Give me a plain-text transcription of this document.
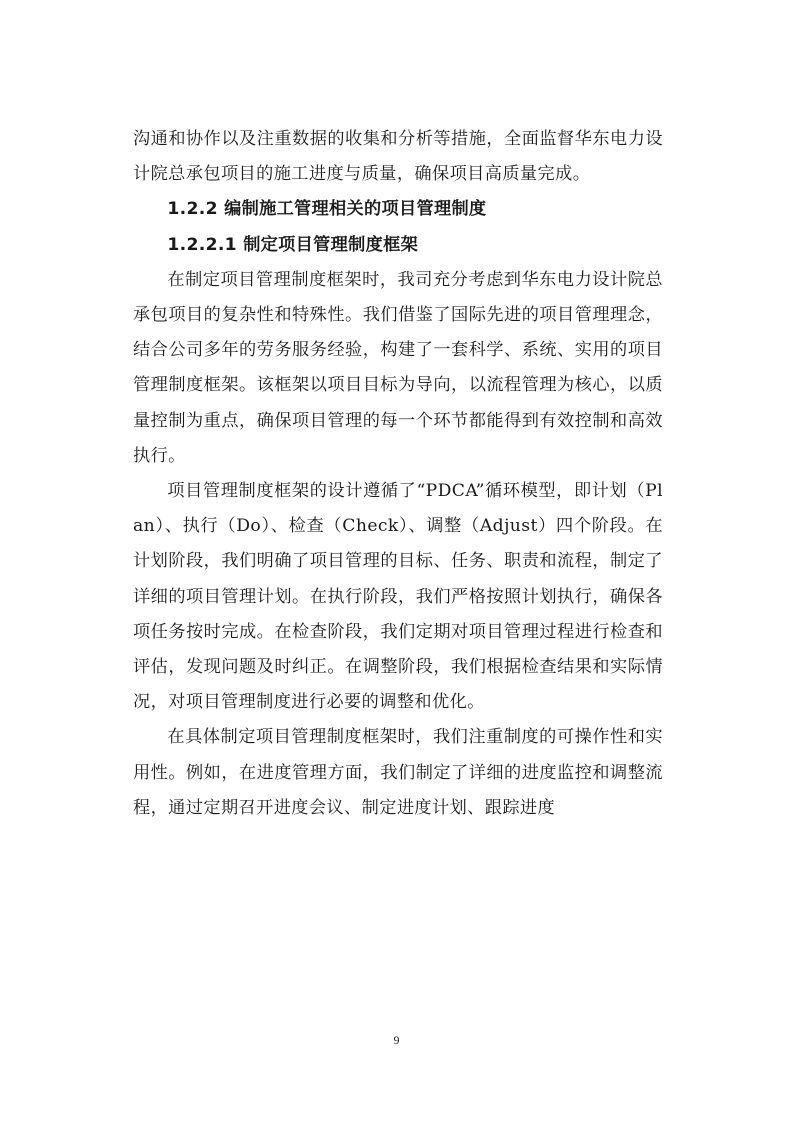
沟通和协作以及注重数据的收集和分析等措施，全面监督华东电力设计院总承包项目的施工进度与质量，确保项目高质量完成。

1.2.2 编制施工管理相关的项目管理制度
1.2.2.1 制定项目管理制度框架

在制定项目管理制度框架时，我司充分考虑到华东电力设计院总承包项目的复杂性和特殊性。我们借鉴了国际先进的项目管理理念，结合公司多年的劳务服务经验，构建了一套科学、系统、实用的项目管理制度框架。该框架以项目目标为导向，以流程管理为核心，以质量控制为重点，确保项目管理的每一个环节都能得到有效控制和高效执行。

项目管理制度框架的设计遵循了“PDCA”循环模型，即计划（Plan）、执行（Do）、检查（Check）、调整（Adjust）四个阶段。在计划阶段，我们明确了项目管理的目标、任务、职责和流程，制定了详细的项目管理计划。在执行阶段，我们严格按照计划执行，确保各项任务按时完成。在检查阶段，我们定期对项目管理过程进行检查和评估，发现问题及时纠正。在调整阶段，我们根据检查结果和实际情况，对项目管理制度进行必要的调整和优化。

在具体制定项目管理制度框架时，我们注重制度的可操作性和实用性。例如，在进度管理方面，我们制定了详细的进度监控和调整流程，通过定期召开进度会议、制定进度计划、跟踪进度

9
